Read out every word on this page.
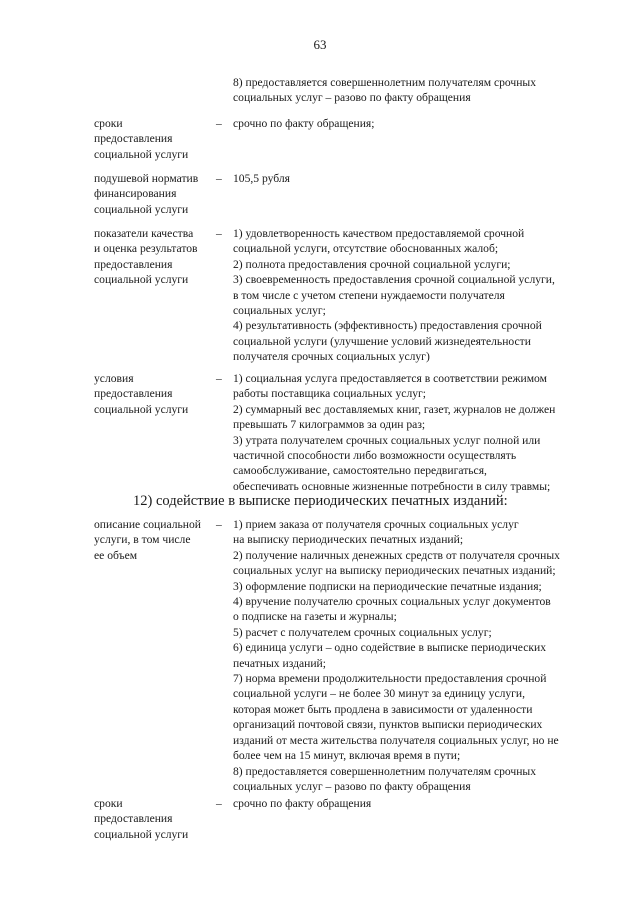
63
8) предоставляется совершеннолетним получателям срочных
социальных услуг – разово по факту обращения
сроки
предоставления
социальной услуги
– срочно по факту обращения;
подушевой норматив
финансирования
социальной услуги
– 105,5 рубля
показатели качества
и оценка результатов
предоставления
социальной услуги
– 1) удовлетворенность качеством предоставляемой срочной
социальной услуги, отсутствие обоснованных жалоб;
2) полнота предоставления срочной социальной услуги;
3) своевременность предоставления срочной социальной услуги,
в том числе с учетом степени нуждаемости получателя
социальных услуг;
4) результативность (эффективность) предоставления срочной
социальной услуги (улучшение условий жизнедеятельности
получателя срочных социальных услуг)
условия
предоставления
социальной услуги
– 1) социальная услуга предоставляется в соответствии режимом
работы поставщика социальных услуг;
2) суммарный вес доставляемых книг, газет, журналов не должен
превышать 7 килограммов за один раз;
3) утрата получателем срочных социальных услуг полной или
частичной способности либо возможности осуществлять
самообслуживание, самостоятельно передвигаться,
обеспечивать основные жизненные потребности в силу травмы;
12) содействие в выписке периодических печатных изданий:
описание социальной
услуги, в том числе
ее объем
– 1) прием заказа от получателя срочных социальных услуг
на выписку периодических печатных изданий;
2) получение наличных денежных средств от получателя срочных
социальных услуг на выписку периодических печатных изданий;
3) оформление подписки на периодические печатные издания;
4) вручение получателю срочных социальных услуг документов
о подписке на газеты и журналы;
5) расчет с получателем срочных социальных услуг;
6) единица услуги – одно содействие в выписке периодических
печатных изданий;
7) норма времени продолжительности предоставления срочной
социальной услуги – не более 30 минут за единицу услуги,
которая может быть продлена в зависимости от удаленности
организаций почтовой связи, пунктов выписки периодических
изданий от места жительства получателя социальных услуг, но не
более чем на 15 минут, включая время в пути;
8) предоставляется совершеннолетним получателям срочных
социальных услуг – разово по факту обращения
сроки
предоставления
социальной услуги
– срочно по факту обращения
